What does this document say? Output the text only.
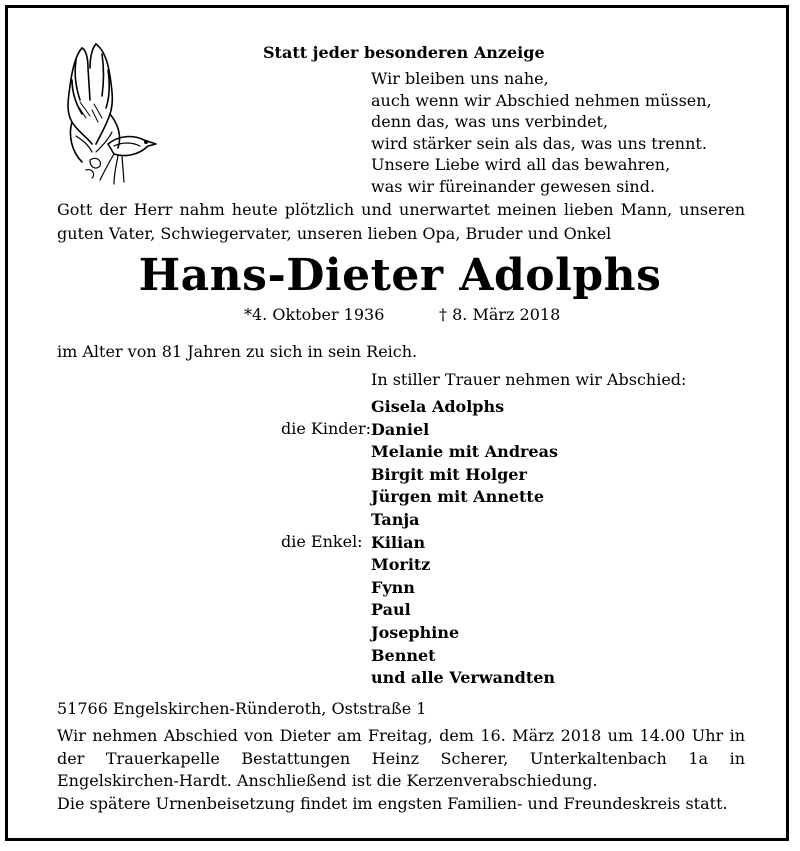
Statt jeder besonderen Anzeige
Wir bleiben uns nahe,
auch wenn wir Abschied nehmen müssen,
denn das, was uns verbindet,
wird stärker sein als das, was uns trennt.
Unsere Liebe wird all das bewahren,
was wir füreinander gewesen sind.
Gott der Herr nahm heute plötzlich und unerwartet meinen lieben Mann, unseren guten Vater, Schwiegervater, unseren lieben Opa, Bruder und Onkel
Hans-Dieter Adolphs
*4. Oktober 1936	† 8. März 2018
im Alter von 81 Jahren zu sich in sein Reich.
In stiller Trauer nehmen wir Abschied:
die Kinder:
die Enkel:
Gisela Adolphs
Daniel
Melanie mit Andreas
Birgit mit Holger
Jürgen mit Annette
Tanja
Kilian
Moritz
Fynn
Paul
Josephine
Bennet
und alle Verwandten
51766 Engelskirchen-Ründeroth, Oststraße 1
Wir nehmen Abschied von Dieter am Freitag, dem 16. März 2018 um 14.00 Uhr in der Trauerkapelle Bestattungen Heinz Scherer, Unterkaltenbach 1a in Engelskirchen-Hardt. Anschließend ist die Kerzenverabschiedung.
Die spätere Urnenbeisetzung findet im engsten Familien- und Freundeskreis statt.
